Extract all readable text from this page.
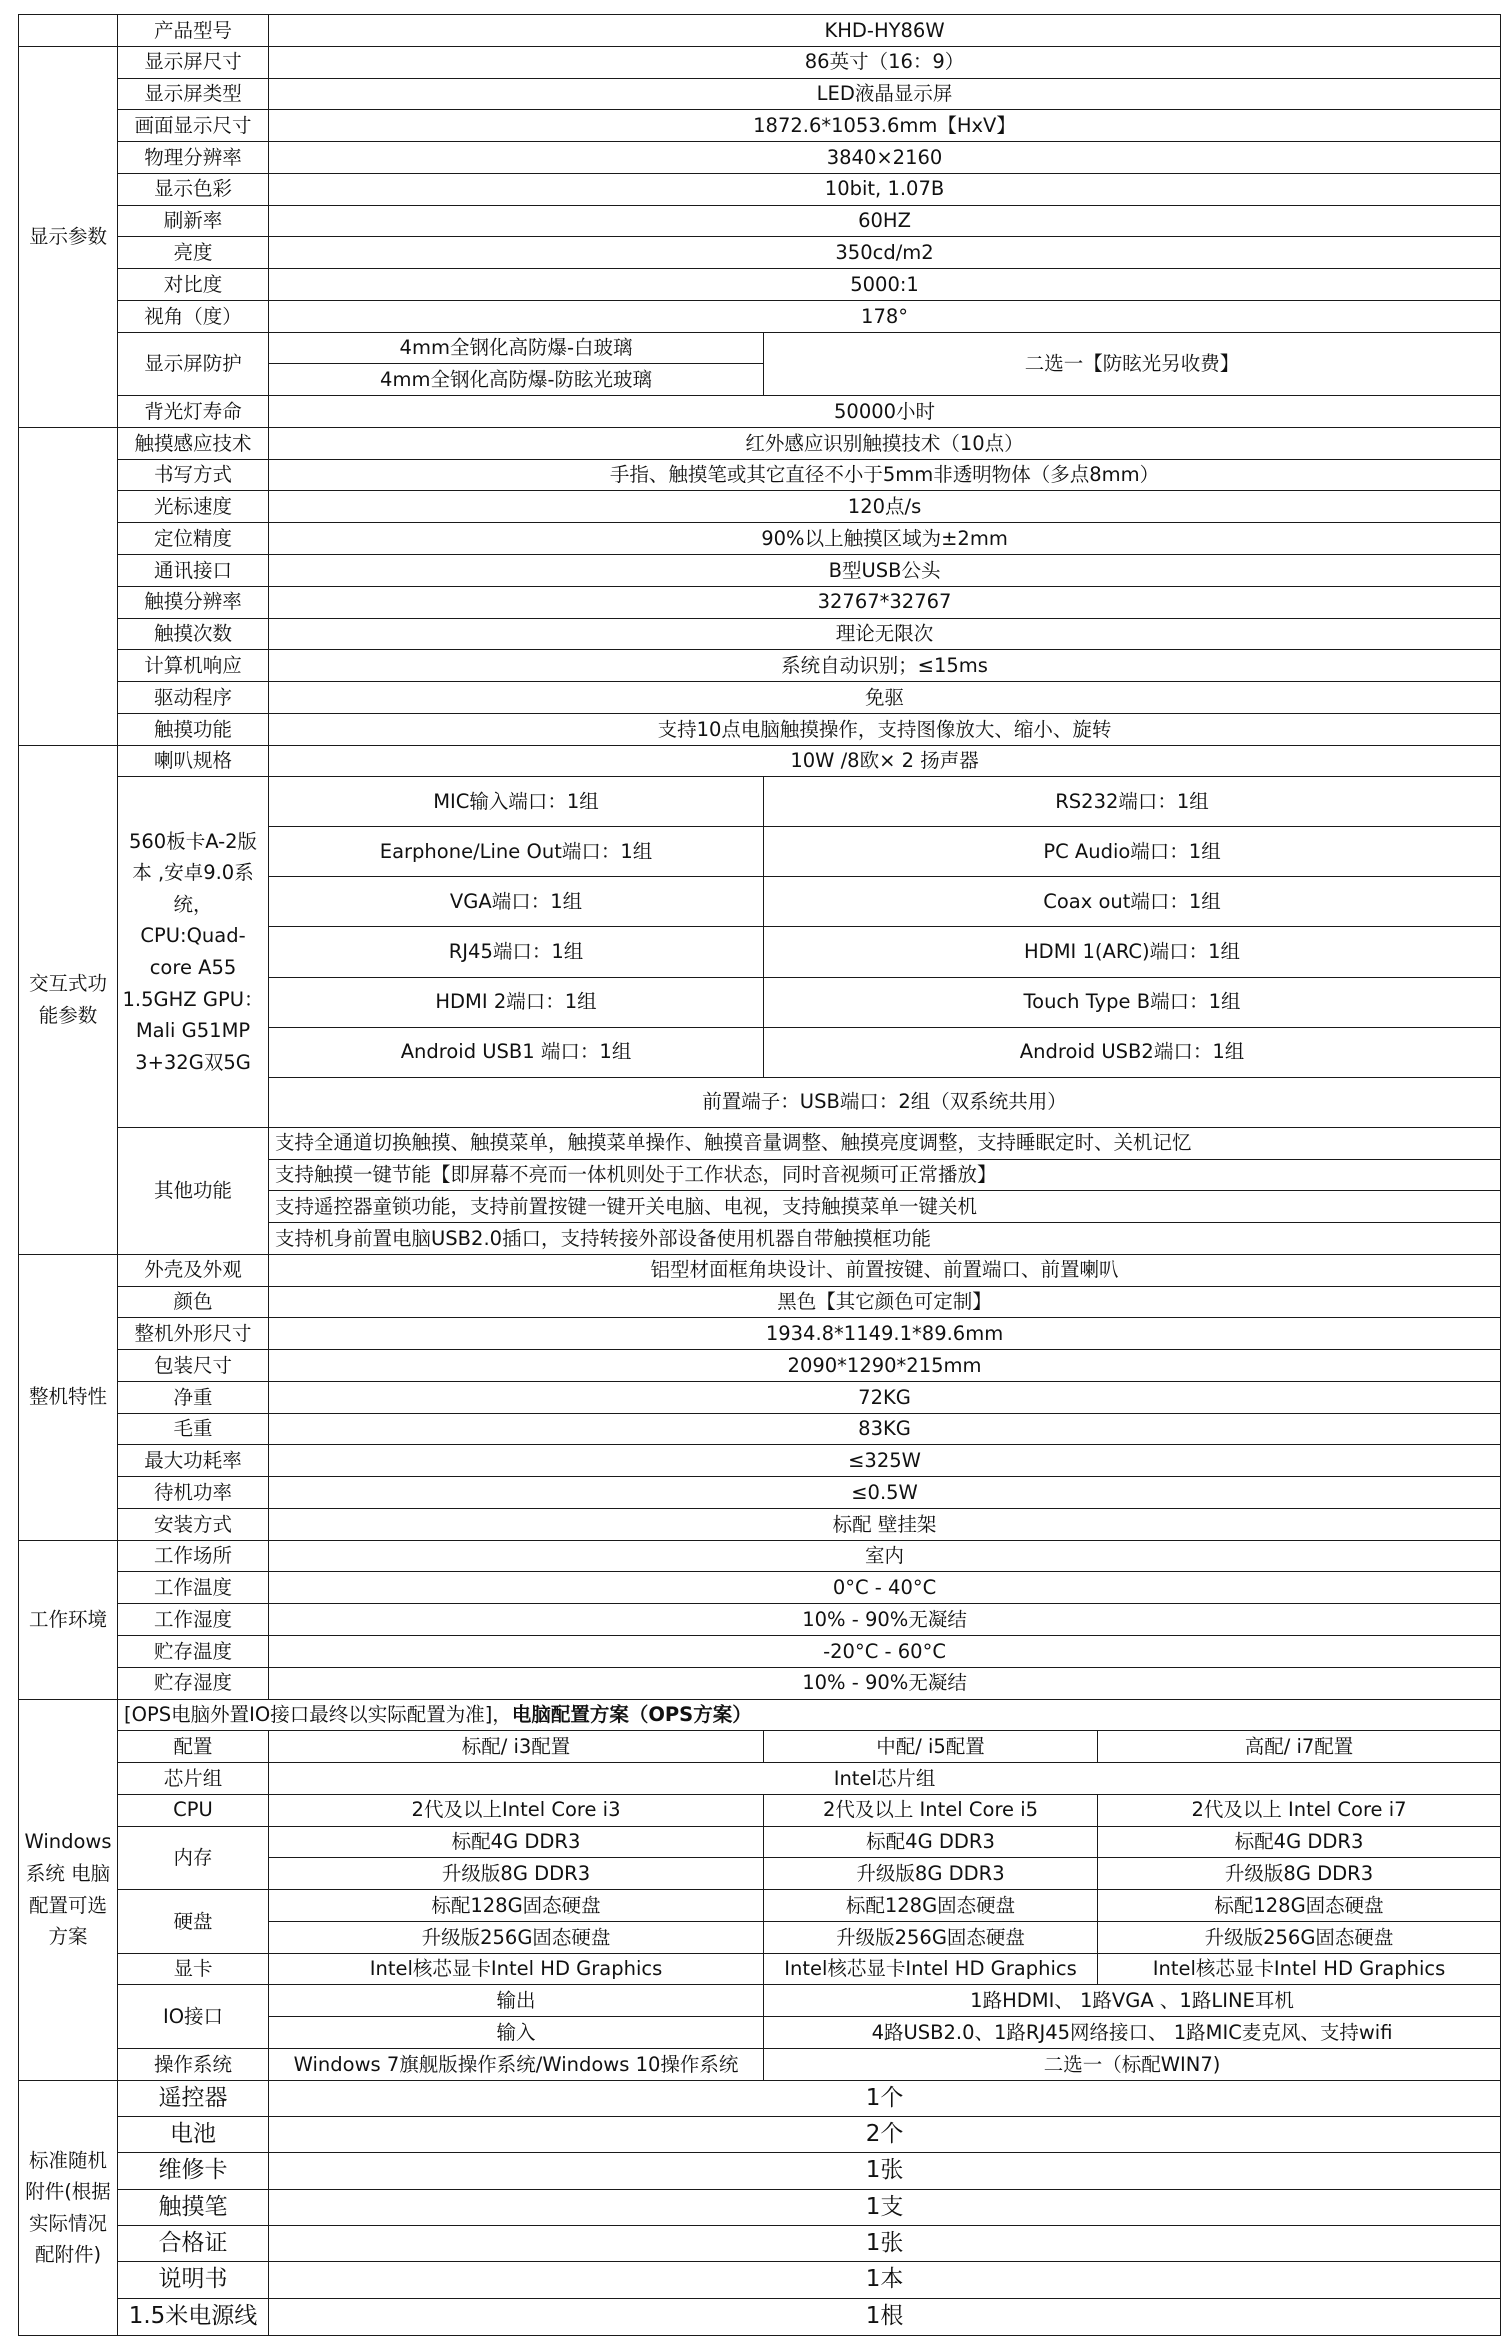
	产品型号	KHD-HY86W		
显示参数	显示屏尺寸	86英寸（16：9）		
	显示屏类型	LED液晶显示屏		
	画面显示尺寸	1872.6*1053.6mm【HxV】		
	物理分辨率	3840×2160		
	显示色彩	10bit, 1.07B		
	刷新率	60HZ		
	亮度	350cd/m2		
	对比度	5000:1		
	视角（度）	178°		
	显示屏防护	4mm全钢化高防爆-白玻璃	二选一【防眩光另收费】	
		4mm全钢化高防爆-防眩光玻璃		
	背光灯寿命	50000小时		
	触摸感应技术	红外感应识别触摸技术（10点）		
	书写方式	手指、触摸笔或其它直径不小于5mm非透明物体（多点8mm）		
	光标速度	120点/s		
	定位精度	90%以上触摸区域为±2mm		
	通讯接口	B型USB公头		
	触摸分辨率	32767*32767		
	触摸次数	理论无限次		
	计算机响应	系统自动识别；≤15ms		
	驱动程序	免驱		
	触摸功能	支持10点电脑触摸操作，支持图像放大、缩小、旋转		
交互式功能参数	喇叭规格	10W /8欧× 2 扬声器		
	560板卡A-2版本 ,安卓9.0系统，CPU:Quad-core A55 1.5GHZ GPU：Mali G51MP 3+32G双5G	MIC输入端口：1组	RS232端口：1组	
		Earphone/Line Out端口：1组	PC Audio端口：1组	
		VGA端口：1组	Coax out端口：1组	
		RJ45端口：1组	HDMI 1(ARC)端口：1组	
		HDMI 2端口：1组	Touch Type B端口：1组	
		Android USB1 端口：1组	Android USB2端口：1组	
		前置端子：USB端口：2组（双系统共用）		
	其他功能	支持全通道切换触摸、触摸菜单，触摸菜单操作、触摸音量调整、触摸亮度调整，支持睡眠定时、关机记忆		
		支持触摸一键节能【即屏幕不亮而一体机则处于工作状态，同时音视频可正常播放】		
		支持遥控器童锁功能，支持前置按键一键开关电脑、电视，支持触摸菜单一键关机		
		支持机身前置电脑USB2.0插口，支持转接外部设备使用机器自带触摸框功能		
整机特性	外壳及外观	铝型材面框角块设计、前置按键、前置端口、前置喇叭		
	颜色	黑色【其它颜色可定制】		
	整机外形尺寸	1934.8*1149.1*89.6mm		
	包装尺寸	2090*1290*215mm		
	净重	72KG		
	毛重	83KG		
	最大功耗率	≤325W		
	待机功率	≤0.5W		
	安装方式	标配 壁挂架		
工作环境	工作场所	室内		
	工作温度	0°C - 40°C		
	工作湿度	10% - 90%无凝结		
	贮存温度	-20°C - 60°C		
	贮存湿度	10% - 90%无凝结		
Windows系统 电脑配置可选方案	[OPS电脑外置IO接口最终以实际配置为准]，电脑配置方案（OPS方案）			
	配置	标配/ i3配置	中配/ i5配置	高配/ i7配置
	芯片组	Intel芯片组		
	CPU	2代及以上Intel Core i3	2代及以上 Intel Core i5	2代及以上 Intel Core i7
	内存	标配4G DDR3	标配4G DDR3	标配4G DDR3
		升级版8G DDR3	升级版8G DDR3	升级版8G DDR3
	硬盘	标配128G固态硬盘	标配128G固态硬盘	标配128G固态硬盘
		升级版256G固态硬盘	升级版256G固态硬盘	升级版256G固态硬盘
	显卡	Intel核芯显卡Intel HD Graphics	Intel核芯显卡Intel HD Graphics	Intel核芯显卡Intel HD Graphics
	IO接口	输出	1路HDMI、 1路VGA 、1路LINE耳机	
		输入	4路USB2.0、1路RJ45网络接口、 1路MIC麦克风、支持wifi	
	操作系统	Windows 7旗舰版操作系统/Windows 10操作系统	二选一（标配WIN7)	
标准随机附件(根据实际情况配附件)	遥控器	1个		
	电池	2个		
	维修卡	1张		
	触摸笔	1支		
	合格证	1张		
	说明书	1本		
	1.5米电源线	1根		
